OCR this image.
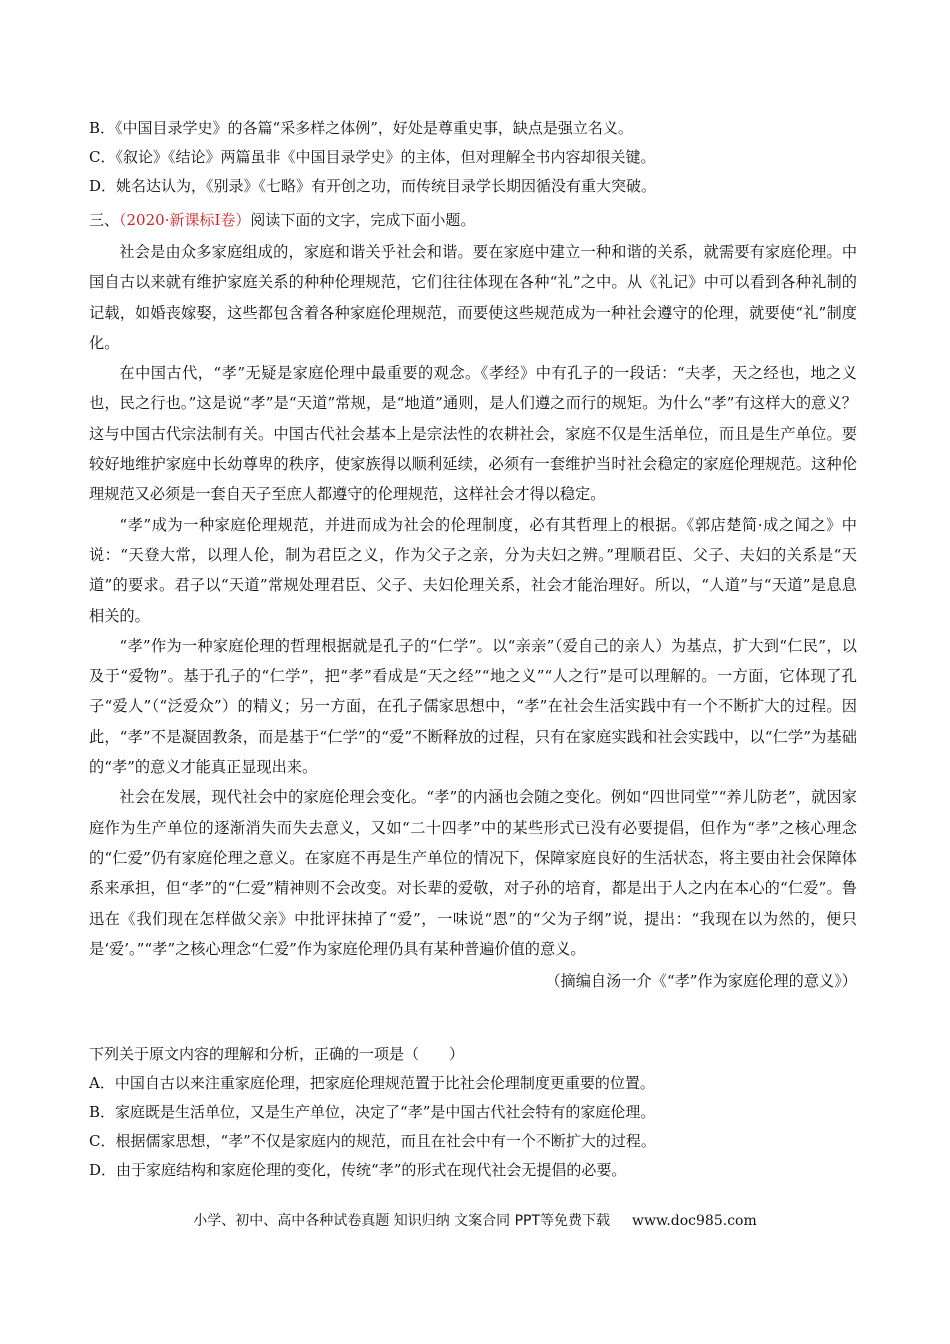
B．《中国目录学史》的各篇“采多样之体例”，好处是尊重史事，缺点是强立名义。

C．《叙论》《结论》两篇虽非《中国目录学史》的主体，但对理解全书内容却很关键。

D．姚名达认为，《别录》《七略》有开创之功，而传统目录学长期因循没有重大突破。

三、（2020·新课标Ⅰ卷）阅读下面的文字，完成下面小题。

社会是由众多家庭组成的，家庭和谐关乎社会和谐。要在家庭中建立一种和谐的关系，就需要有家庭伦理。中国自古以来就有维护家庭关系的种种伦理规范，它们往往体现在各种“礼”之中。从《礼记》中可以看到各种礼制的记载，如婚丧嫁娶，这些都包含着各种家庭伦理规范，而要使这些规范成为一种社会遵守的伦理，就要使“礼”制度化。

在中国古代，“孝”无疑是家庭伦理中最重要的观念。《孝经》中有孔子的一段话：“夫孝，天之经也，地之义也，民之行也。”这是说“孝”是“天道”常规，是“地道”通则，是人们遵之而行的规矩。为什么“孝”有这样大的意义？这与中国古代宗法制有关。中国古代社会基本上是宗法性的农耕社会，家庭不仅是生活单位，而且是生产单位。要较好地维护家庭中长幼尊卑的秩序，使家族得以顺利延续，必须有一套维护当时社会稳定的家庭伦理规范。这种伦理规范又必须是一套自天子至庶人都遵守的伦理规范，这样社会才得以稳定。

“孝”成为一种家庭伦理规范，并进而成为社会的伦理制度，必有其哲理上的根据。《郭店楚简·成之闻之》中说：“天登大常，以理人伦，制为君臣之义，作为父子之亲，分为夫妇之辨。”理顺君臣、父子、夫妇的关系是“天道”的要求。君子以“天道”常规处理君臣、父子、夫妇伦理关系，社会才能治理好。所以，“人道”与“天道”是息息相关的。

“孝”作为一种家庭伦理的哲理根据就是孔子的“仁学”。以“亲亲”（爱自己的亲人）为基点，扩大到“仁民”，以及于“爱物”。基于孔子的“仁学”，把“孝”看成是“天之经”“地之义”“人之行”是可以理解的。一方面，它体现了孔子“爱人”（“泛爱众”）的精义；另一方面，在孔子儒家思想中，“孝”在社会生活实践中有一个不断扩大的过程。因此，“孝”不是凝固教条，而是基于“仁学”的“爱”不断释放的过程，只有在家庭实践和社会实践中，以“仁学”为基础的“孝”的意义才能真正显现出来。

社会在发展，现代社会中的家庭伦理会变化。“孝”的内涵也会随之变化。例如“四世同堂”“养儿防老”，就因家庭作为生产单位的逐渐消失而失去意义，又如“二十四孝”中的某些形式已没有必要提倡，但作为“孝”之核心理念的“仁爱”仍有家庭伦理之意义。在家庭不再是生产单位的情况下，保障家庭良好的生活状态，将主要由社会保障体系来承担，但“孝”的“仁爱”精神则不会改变。对长辈的爱敬，对子孙的培育，都是出于人之内在本心的“仁爱”。鲁迅在《我们现在怎样做父亲》中批评抹掉了“爱”，一味说“恩”的“父为子纲”说，提出：“我现在以为然的，便只是‘爱’。”“孝”之核心理念“仁爱”作为家庭伦理仍具有某种普遍价值的意义。

（摘编自汤一介《“孝”作为家庭伦理的意义》）

下列关于原文内容的理解和分析，正确的一项是（　　）

A．中国自古以来注重家庭伦理，把家庭伦理规范置于比社会伦理制度更重要的位置。

B．家庭既是生活单位，又是生产单位，决定了“孝”是中国古代社会特有的家庭伦理。

C．根据儒家思想，“孝”不仅是家庭内的规范，而且在社会中有一个不断扩大的过程。

D．由于家庭结构和家庭伦理的变化，传统“孝”的形式在现代社会无提倡的必要。

小学、初中、高中各种试卷真题 知识归纳 文案合同 PPT等免费下载 www.doc985.com
